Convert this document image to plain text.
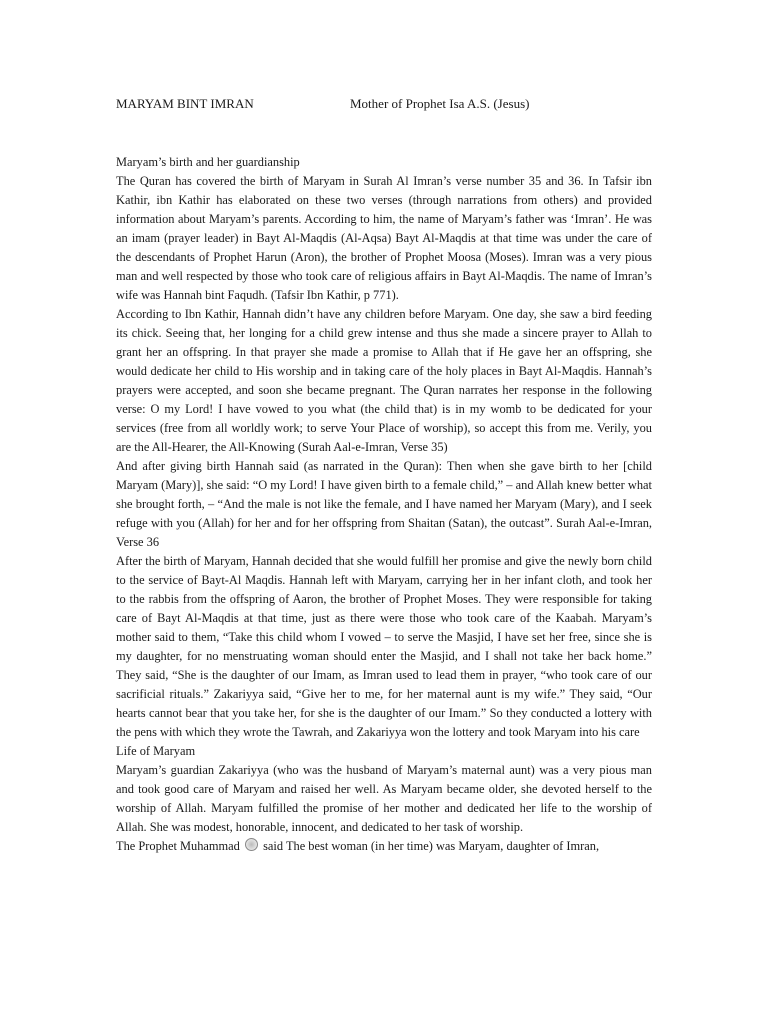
MARYAM BINT IMRAN	Mother of Prophet Isa A.S. (Jesus)

Maryam’s birth and her guardianship

The Quran has covered the birth of Maryam in Surah Al Imran’s verse number 35 and 36. In Tafsir ibn Kathir, ibn Kathir has elaborated on these two verses (through narrations from others) and provided information about Maryam’s parents. According to him, the name of Maryam’s father was ‘Imran’. He was an imam (prayer leader) in Bayt Al-Maqdis (Al-Aqsa) Bayt Al-Maqdis at that time was under the care of the descendants of Prophet Harun (Aron), the brother of Prophet Moosa (Moses). Imran was a very pious man and well respected by those who took care of religious affairs in Bayt Al-Maqdis. The name of Imran’s wife was Hannah bint Faqudh. (Tafsir Ibn Kathir, p 771).

According to Ibn Kathir, Hannah didn’t have any children before Maryam. One day, she saw a bird feeding its chick. Seeing that, her longing for a child grew intense and thus she made a sincere prayer to Allah to grant her an offspring. In that prayer she made a promise to Allah that if He gave her an offspring, she would dedicate her child to His worship and in taking care of the holy places in Bayt Al-Maqdis. Hannah’s prayers were accepted, and soon she became pregnant. The Quran narrates her response in the following verse: O my Lord! I have vowed to you what (the child that) is in my womb to be dedicated for your services (free from all worldly work; to serve Your Place of worship), so accept this from me. Verily, you are the All-Hearer, the All-Knowing (Surah Aal-e-Imran, Verse 35)

And after giving birth Hannah said (as narrated in the Quran): Then when she gave birth to her [child Maryam (Mary)], she said: “O my Lord! I have given birth to a female child,” – and Allah knew better what she brought forth, – “And the male is not like the female, and I have named her Maryam (Mary), and I seek refuge with you (Allah) for her and for her offspring from Shaitan (Satan), the outcast”. Surah Aal-e-Imran, Verse 36

After the birth of Maryam, Hannah decided that she would fulfill her promise and give the newly born child to the service of Bayt-Al Maqdis. Hannah left with Maryam, carrying her in her infant cloth, and took her to the rabbis from the offspring of Aaron, the brother of Prophet Moses. They were responsible for taking care of Bayt Al-Maqdis at that time, just as there were those who took care of the Kaabah. Maryam’s mother said to them, “Take this child whom I vowed – to serve the Masjid, I have set her free, since she is my daughter, for no menstruating woman should enter the Masjid, and I shall not take her back home.” They said, “She is the daughter of our Imam, as Imran used to lead them in prayer, “who took care of our sacrificial rituals.” Zakariyya said, “Give her to me, for her maternal aunt is my wife.” They said, “Our hearts cannot bear that you take her, for she is the daughter of our Imam.” So they conducted a lottery with the pens with which they wrote the Tawrah, and Zakariyya won the lottery and took Maryam into his care

Life of Maryam

Maryam’s guardian Zakariyya (who was the husband of Maryam’s maternal aunt) was a very pious man and took good care of Maryam and raised her well. As Maryam became older, she devoted herself to the worship of Allah. Maryam fulfilled the promise of her mother and dedicated her life to the worship of Allah. She was modest, honorable, innocent, and dedicated to her task of worship.

The Prophet Muhammad said The best woman (in her time) was Maryam, daughter of Imran,
